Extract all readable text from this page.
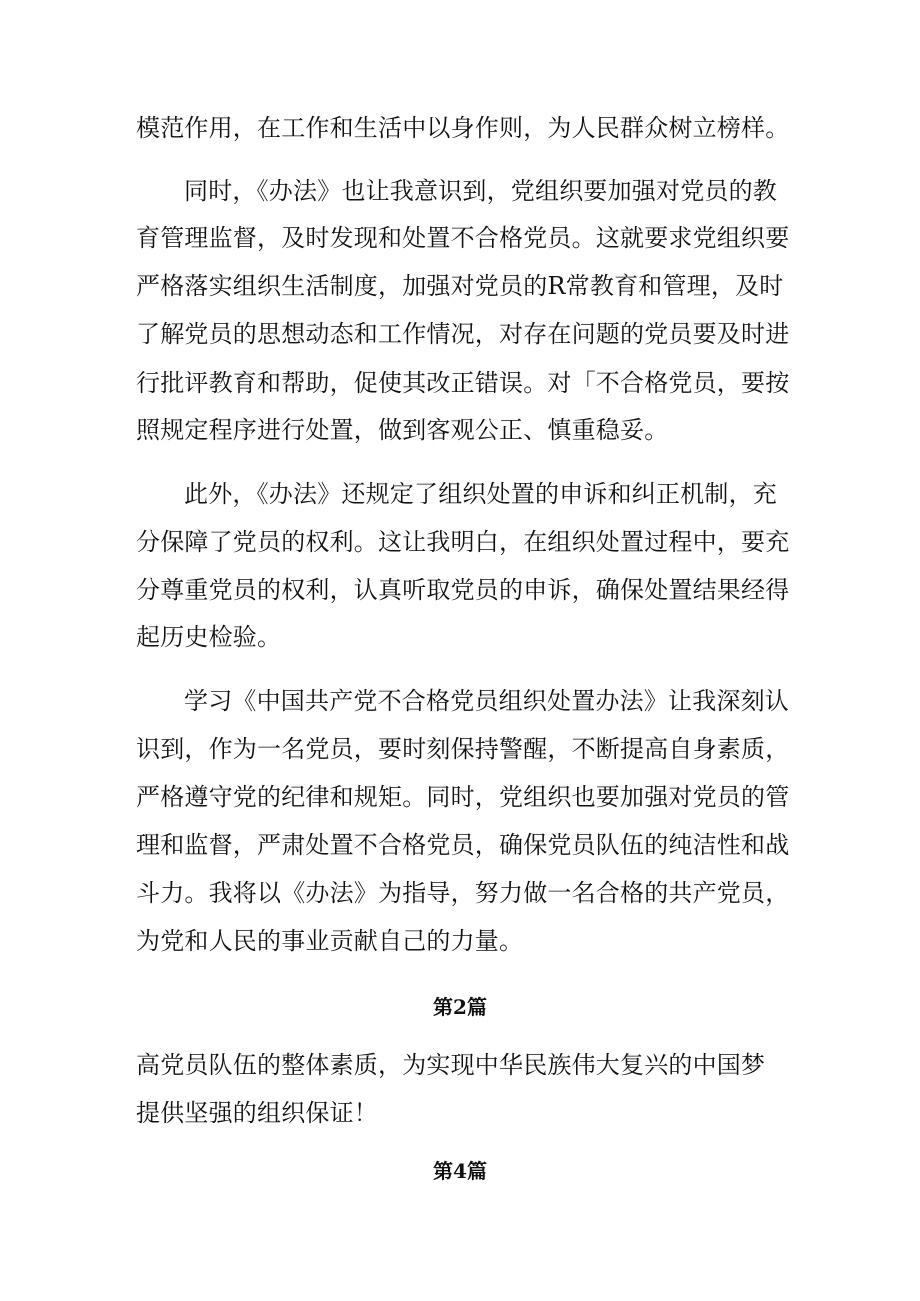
模范作用，在工作和生活中以身作则，为人民群众树立榜样。
同时，《办法》也让我意识到，党组织要加强对党员的教
育管理监督，及时发现和处置不合格党员。这就要求党组织要
严格落实组织生活制度，加强对党员的R常教育和管理，及时
了解党员的思想动态和工作情况，对存在问题的党员要及时进
行批评教育和帮助，促使其改正错误。对「不合格党员，要按
照规定程序进行处置，做到客观公正、慎重稳妥。
此外，《办法》还规定了组织处置的申诉和纠正机制，充
分保障了党员的权利。这让我明白，在组织处置过程中，要充
分尊重党员的权利，认真听取党员的申诉，确保处置结果经得
起历史检验。
学习《中国共产党不合格党员组织处置办法》让我深刻认
识到，作为一名党员，要时刻保持警醒，不断提高自身素质，
严格遵守党的纪律和规矩。同时，党组织也要加强对党员的管
理和监督，严肃处置不合格党员，确保党员队伍的纯洁性和战
斗力。我将以《办法》为指导，努力做一名合格的共产党员，
为党和人民的事业贡献自己的力量。
第2篇
高党员队伍的整体素质，为实现中华民族伟大复兴的中国梦
提供坚强的组织保证！
第4篇
